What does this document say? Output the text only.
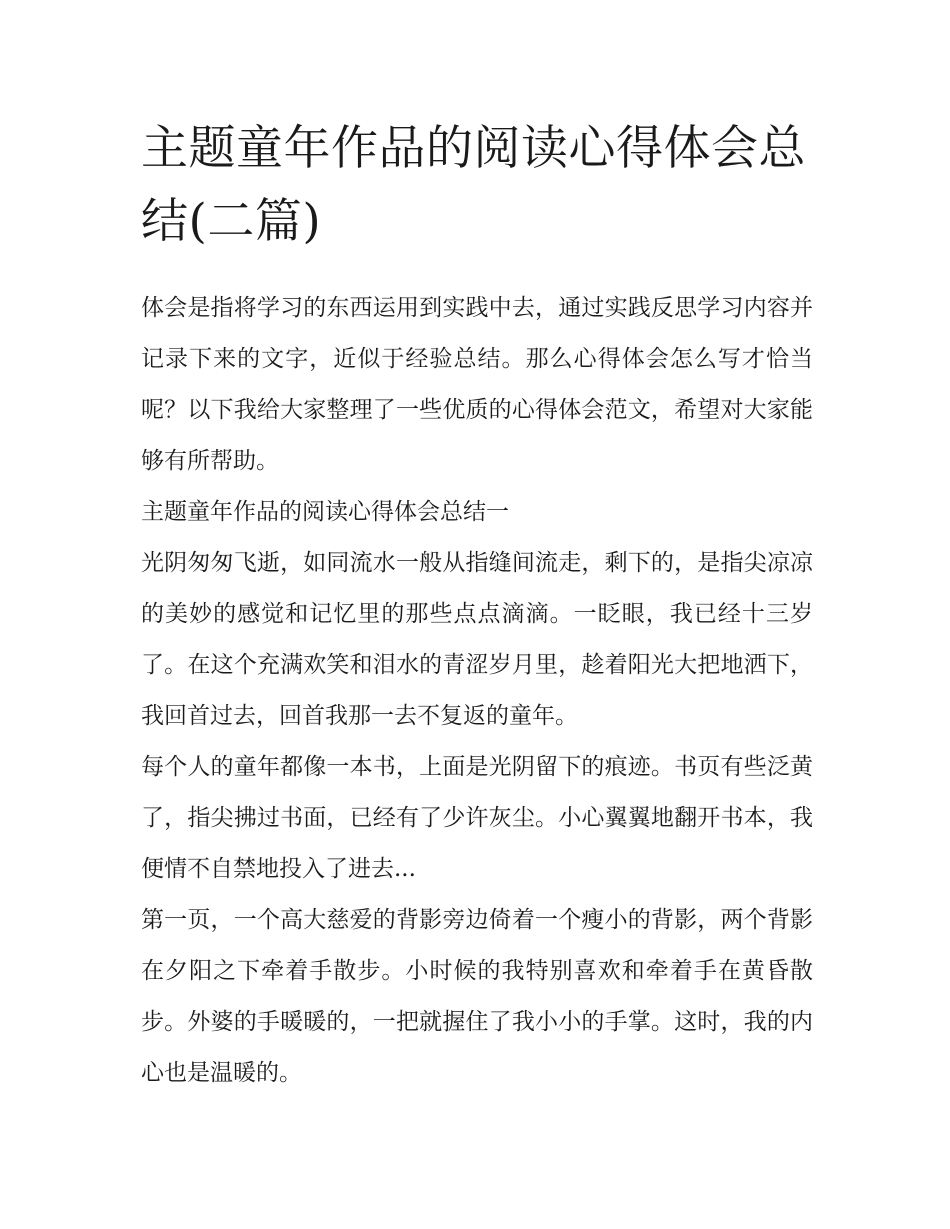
主题童年作品的阅读心得体会总结(二篇)

体会是指将学习的东西运用到实践中去，通过实践反思学习内容并记录下来的文字，近似于经验总结。那么心得体会怎么写才恰当呢？以下我给大家整理了一些优质的心得体会范文，希望对大家能够有所帮助。

主题童年作品的阅读心得体会总结一

光阴匆匆飞逝，如同流水一般从指缝间流走，剩下的，是指尖凉凉的美妙的感觉和记忆里的那些点点滴滴。一眨眼，我已经十三岁了。在这个充满欢笑和泪水的青涩岁月里，趁着阳光大把地洒下，我回首过去，回首我那一去不复返的童年。

每个人的童年都像一本书，上面是光阴留下的痕迹。书页有些泛黄了，指尖拂过书面，已经有了少许灰尘。小心翼翼地翻开书本，我便情不自禁地投入了进去...

第一页，一个高大慈爱的背影旁边倚着一个瘦小的背影，两个背影在夕阳之下牵着手散步。小时候的我特别喜欢和牵着手在黄昏散步。外婆的手暖暖的，一把就握住了我小小的手掌。这时，我的内心也是温暖的。
